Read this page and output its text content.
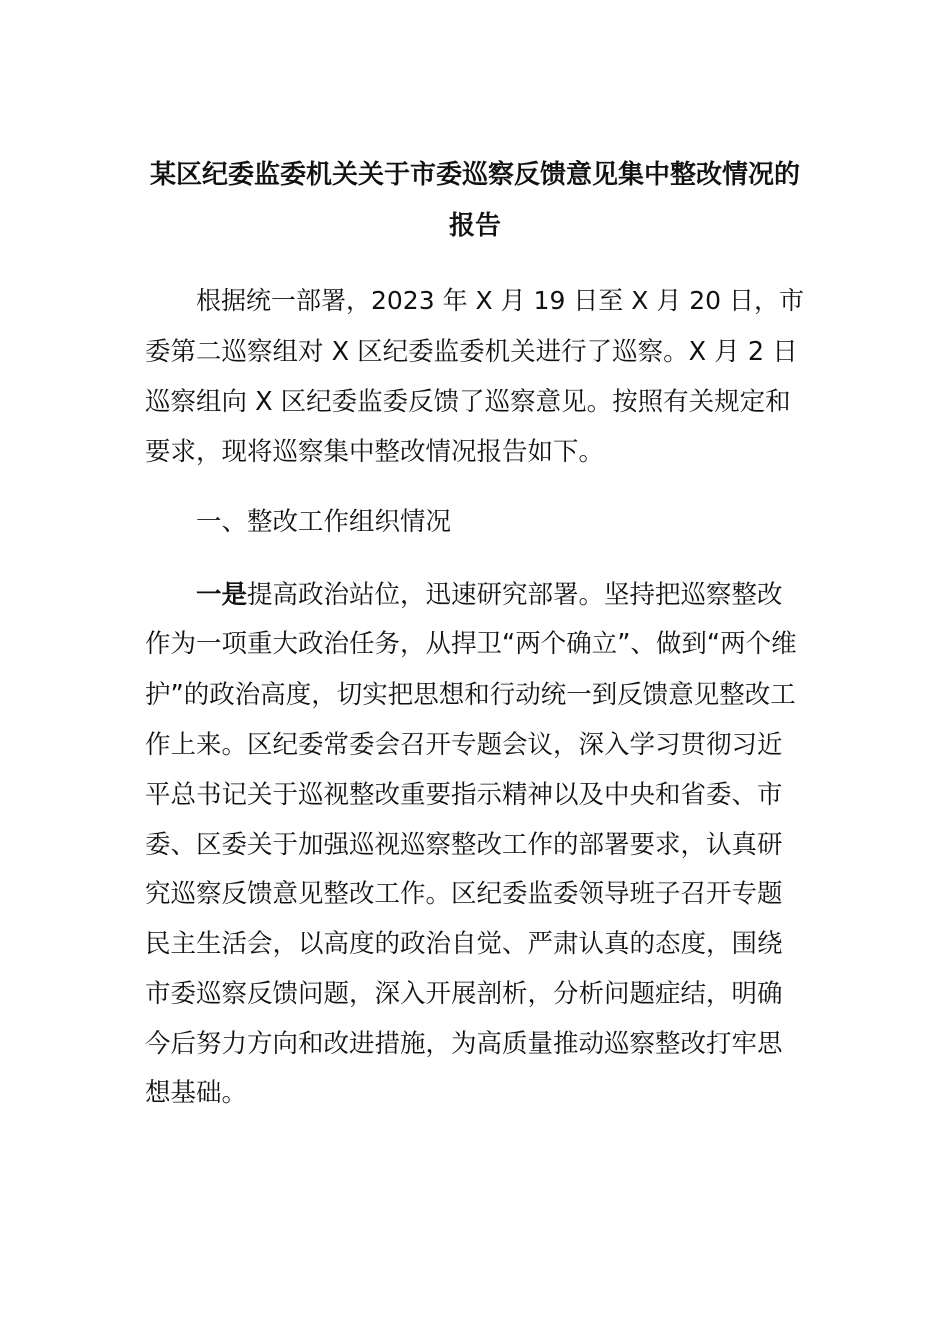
某区纪委监委机关关于市委巡察反馈意见集中整改情况的
报告
根据统一部署，2023 年 X 月 19 日至 X 月 20 日，市
委第二巡察组对 X 区纪委监委机关进行了巡察。X 月 2 日
巡察组向 X 区纪委监委反馈了巡察意见。按照有关规定和
要求，现将巡察集中整改情况报告如下。
一、整改工作组织情况
一是提高政治站位，迅速研究部署。坚持把巡察整改
作为一项重大政治任务，从捍卫“两个确立”、做到“两个维
护”的政治高度，切实把思想和行动统一到反馈意见整改工
作上来。区纪委常委会召开专题会议，深入学习贯彻习近
平总书记关于巡视整改重要指示精神以及中央和省委、市
委、区委关于加强巡视巡察整改工作的部署要求，认真研
究巡察反馈意见整改工作。区纪委监委领导班子召开专题
民主生活会，以高度的政治自觉、严肃认真的态度，围绕
市委巡察反馈问题，深入开展剖析，分析问题症结，明确
今后努力方向和改进措施，为高质量推动巡察整改打牢思
想基础。
